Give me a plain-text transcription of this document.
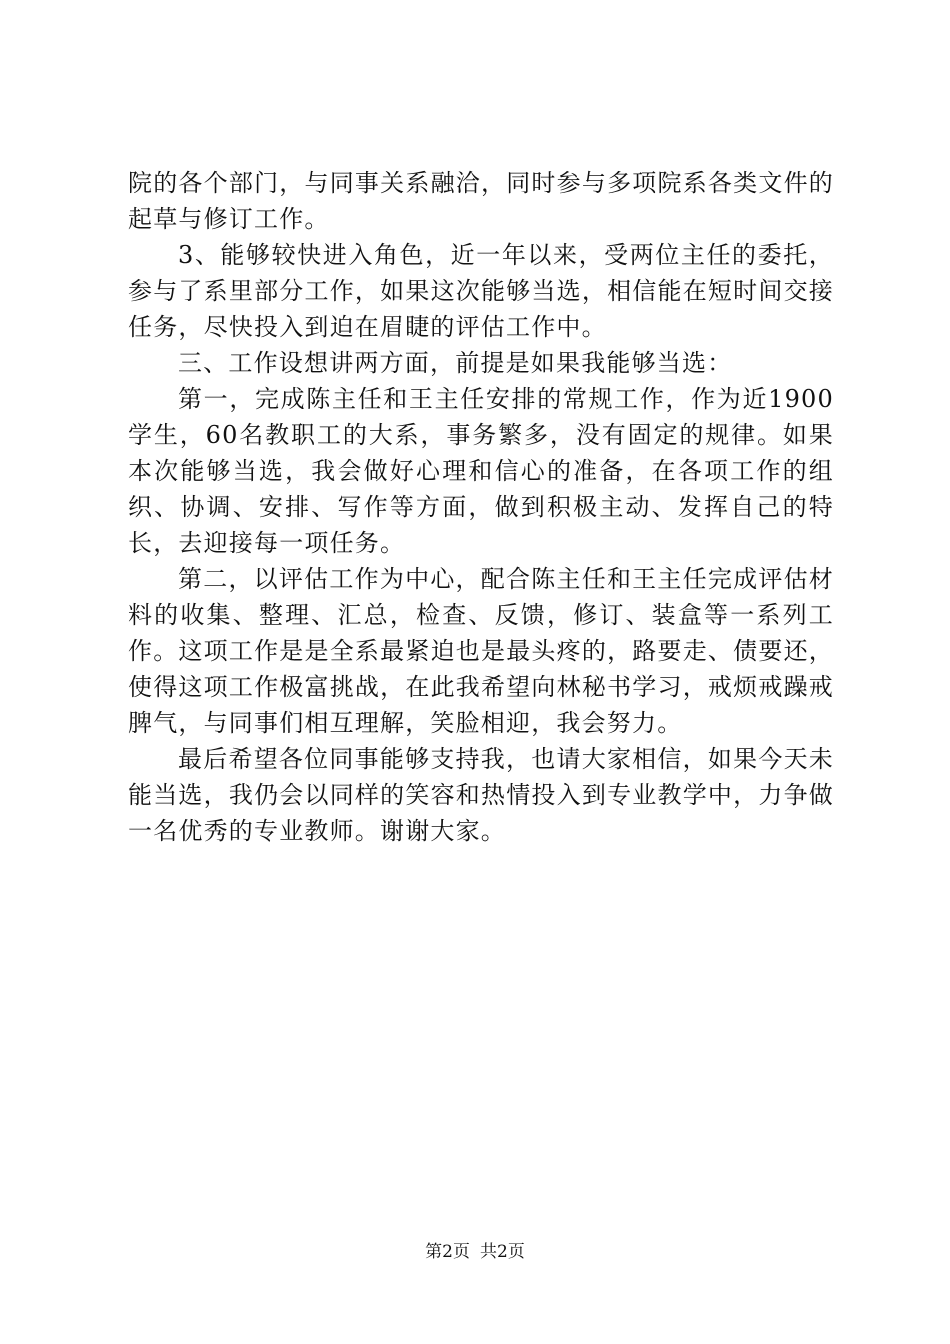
院的各个部门，与同事关系融洽，同时参与多项院系各类文件的起草与修订工作。

3、能够较快进入角色，近一年以来，受两位主任的委托，参与了系里部分工作，如果这次能够当选，相信能在短时间交接任务，尽快投入到迫在眉睫的评估工作中。

三、工作设想讲两方面，前提是如果我能够当选：

第一，完成陈主任和王主任安排的常规工作，作为近1900学生，60名教职工的大系，事务繁多，没有固定的规律。如果本次能够当选，我会做好心理和信心的准备，在各项工作的组织、协调、安排、写作等方面，做到积极主动、发挥自己的特长，去迎接每一项任务。

第二，以评估工作为中心，配合陈主任和王主任完成评估材料的收集、整理、汇总，检查、反馈，修订、装盒等一系列工作。这项工作是是全系最紧迫也是最头疼的，路要走、债要还，使得这项工作极富挑战，在此我希望向林秘书学习，戒烦戒躁戒脾气，与同事们相互理解，笑脸相迎，我会努力。

最后希望各位同事能够支持我，也请大家相信，如果今天未能当选，我仍会以同样的笑容和热情投入到专业教学中，力争做一名优秀的专业教师。谢谢大家。

第2页 共2页
